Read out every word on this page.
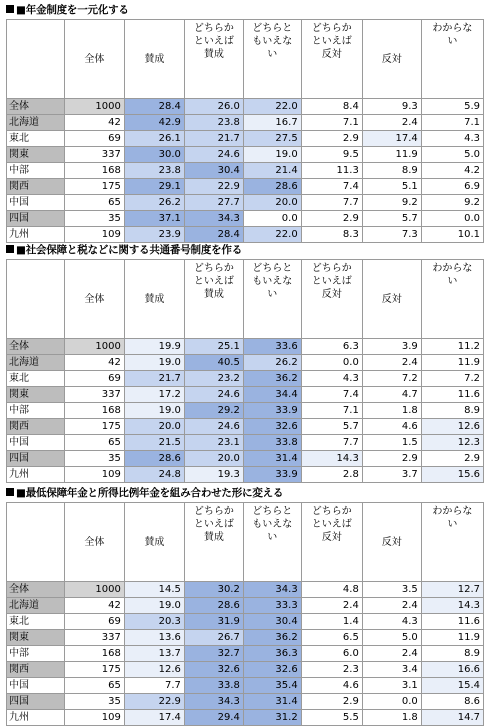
■年金制度を一元化する
	全体	賛成	どちらか
といえば
賛成	どちらと
もいえな
い	どちらか
といえば
反対	反対	わからな
い
全体	1000	28.4	26.0	22.0	8.4	9.3	5.9
北海道	42	42.9	23.8	16.7	7.1	2.4	7.1
東北	69	26.1	21.7	27.5	2.9	17.4	4.3
関東	337	30.0	24.6	19.0	9.5	11.9	5.0
中部	168	23.8	30.4	21.4	11.3	8.9	4.2
関西	175	29.1	22.9	28.6	7.4	5.1	6.9
中国	65	26.2	27.7	20.0	7.7	9.2	9.2
四国	35	37.1	34.3	0.0	2.9	5.7	0.0
九州	109	23.9	28.4	22.0	8.3	7.3	10.1
■社会保障と税などに関する共通番号制度を作る
	全体	賛成	どちらか
といえば
賛成	どちらと
もいえな
い	どちらか
といえば
反対	反対	わからな
い
全体	1000	19.9	25.1	33.6	6.3	3.9	11.2
北海道	42	19.0	40.5	26.2	0.0	2.4	11.9
東北	69	21.7	23.2	36.2	4.3	7.2	7.2
関東	337	17.2	24.6	34.4	7.4	4.7	11.6
中部	168	19.0	29.2	33.9	7.1	1.8	8.9
関西	175	20.0	24.6	32.6	5.7	4.6	12.6
中国	65	21.5	23.1	33.8	7.7	1.5	12.3
四国	35	28.6	20.0	31.4	14.3	2.9	2.9
九州	109	24.8	19.3	33.9	2.8	3.7	15.6
■最低保障年金と所得比例年金を組み合わせた形に変える
	全体	賛成	どちらか
といえば
賛成	どちらと
もいえな
い	どちらか
といえば
反対	反対	わからな
い
全体	1000	14.5	30.2	34.3	4.8	3.5	12.7
北海道	42	19.0	28.6	33.3	2.4	2.4	14.3
東北	69	20.3	31.9	30.4	1.4	4.3	11.6
関東	337	13.6	26.7	36.2	6.5	5.0	11.9
中部	168	13.7	32.7	36.3	6.0	2.4	8.9
関西	175	12.6	32.6	32.6	2.3	3.4	16.6
中国	65	7.7	33.8	35.4	4.6	3.1	15.4
四国	35	22.9	34.3	31.4	2.9	0.0	8.6
九州	109	17.4	29.4	31.2	5.5	1.8	14.7
